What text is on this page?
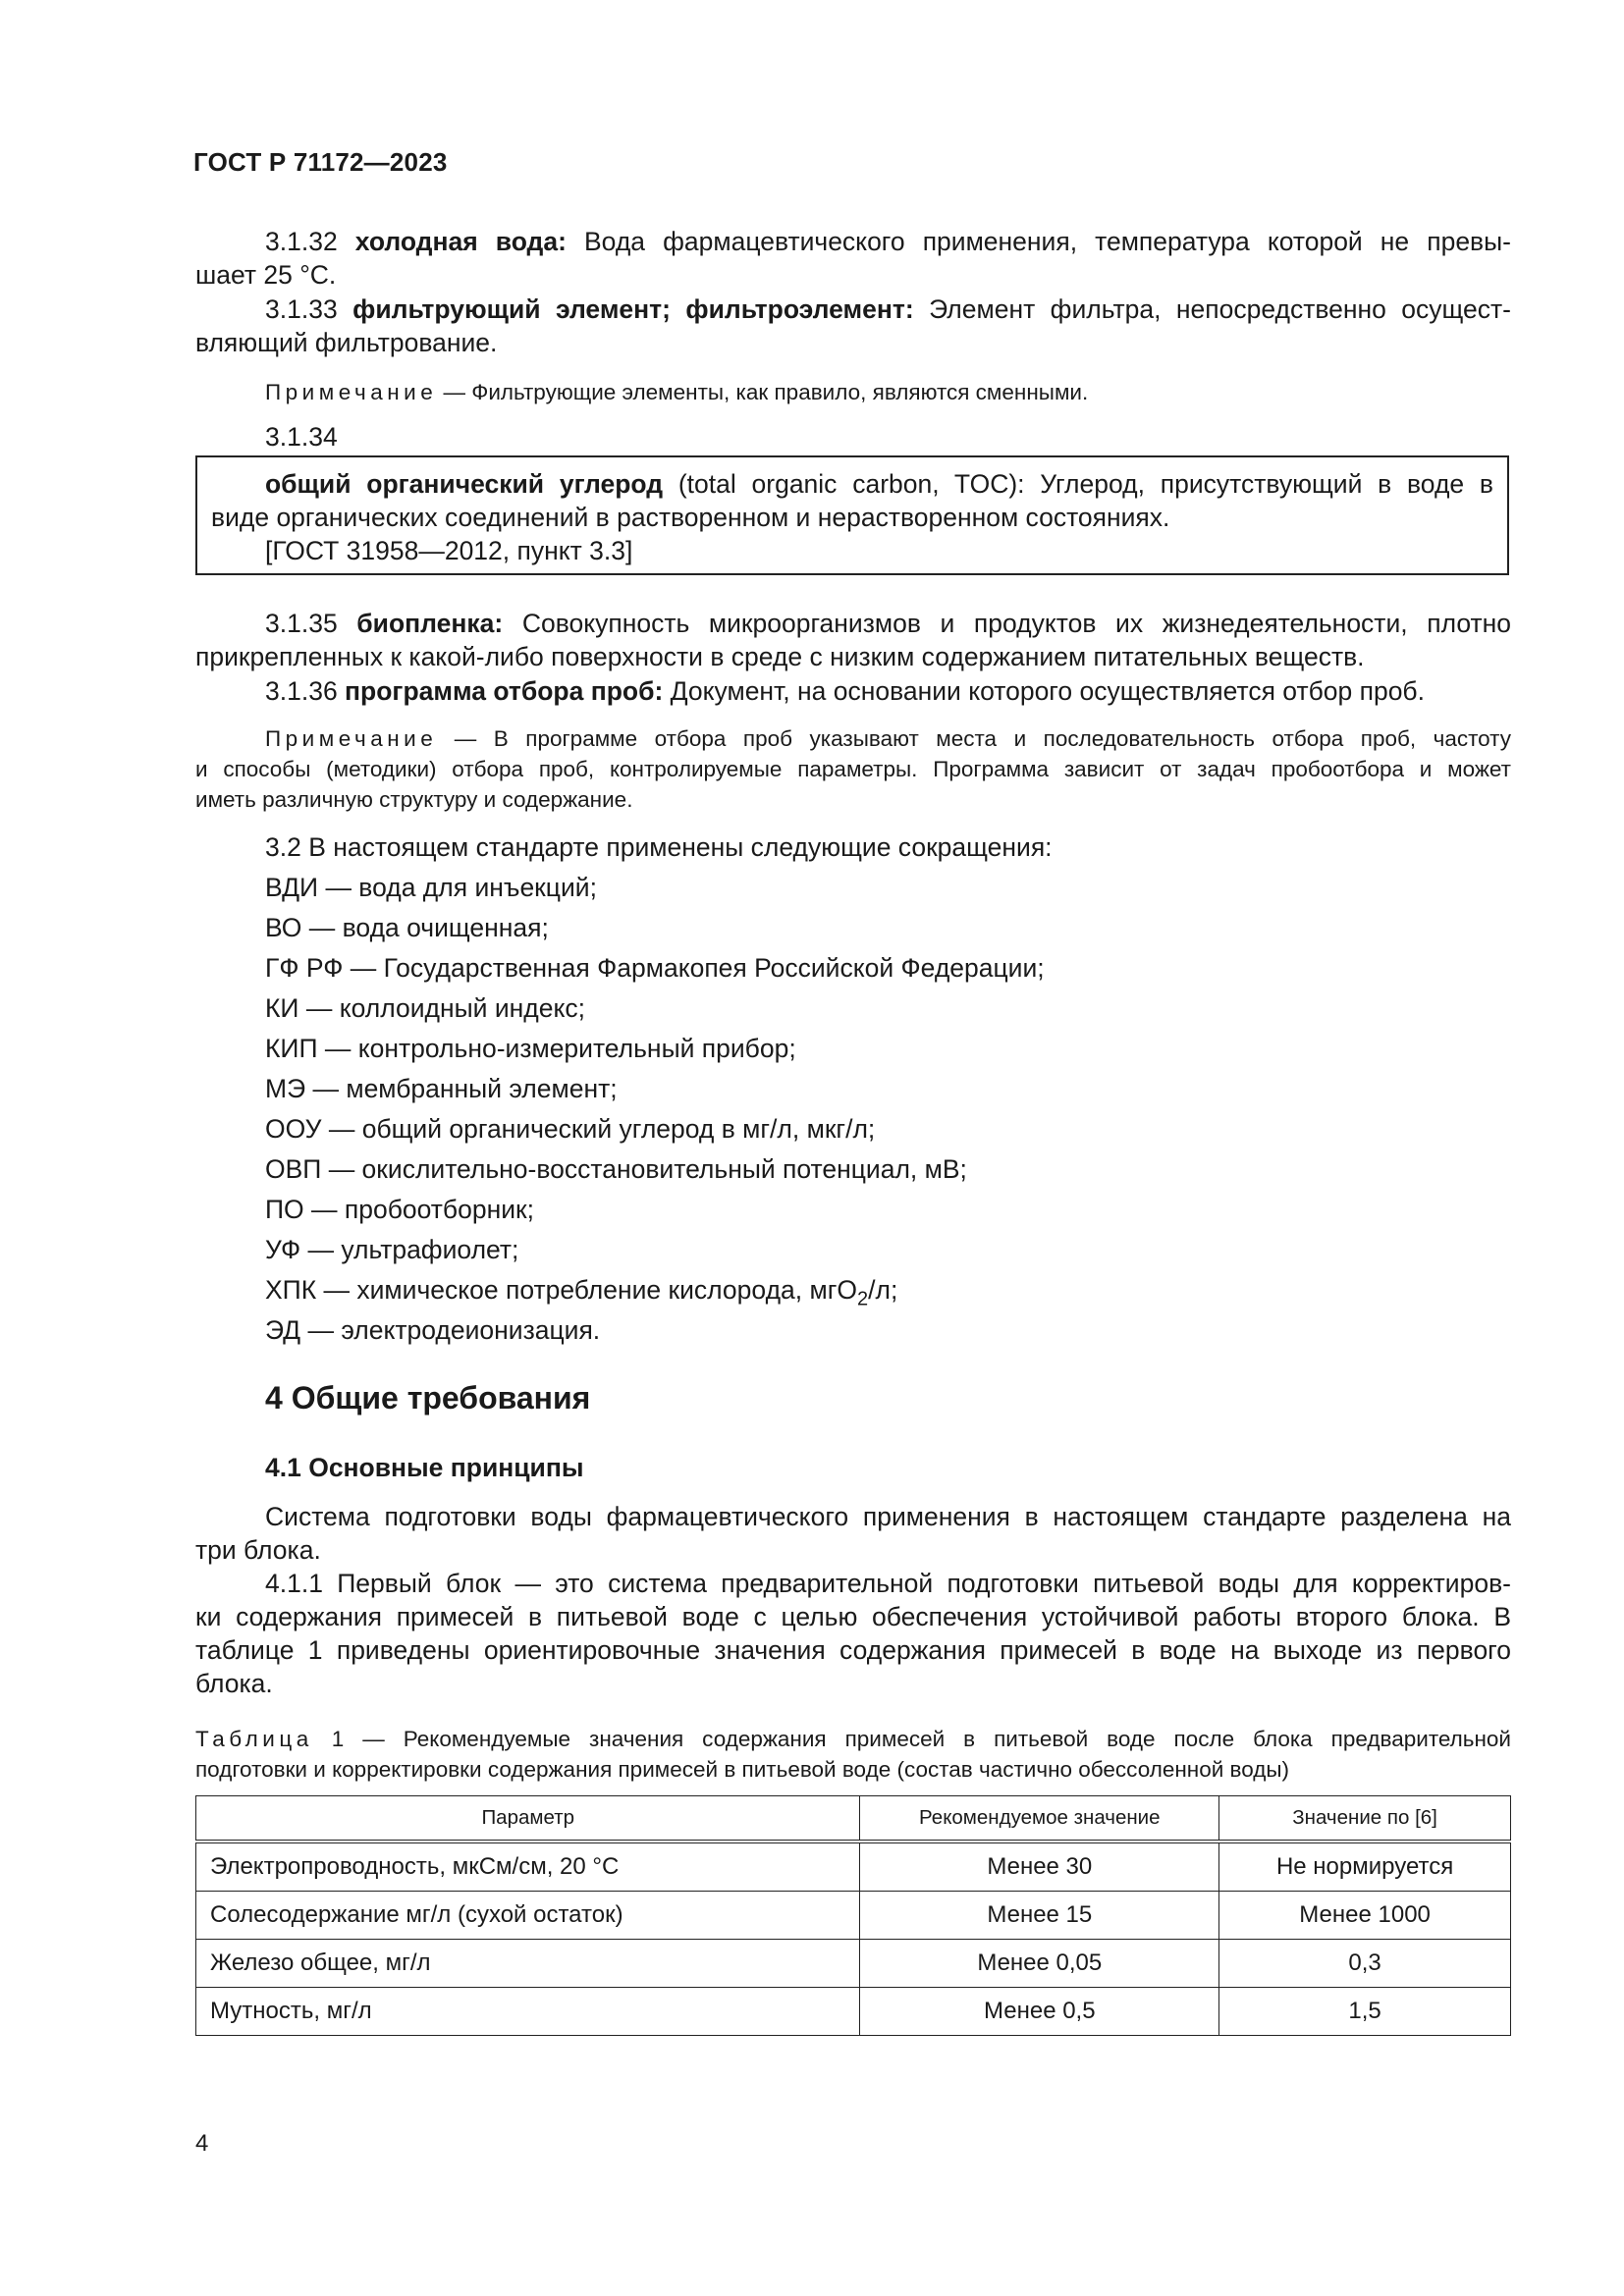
ГОСТ Р 71172—2023
3.1.32 холодная вода: Вода фармацевтического применения, температура которой не превы-
шает 25 °С.
3.1.33 фильтрующий элемент; фильтроэлемент: Элемент фильтра, непосредственно осущест-
вляющий фильтрование.
Примечание — Фильтрующие элементы, как правило, являются сменными.
3.1.34
общий органический углерод (total organic carbon, TOC): Углерод, присутствующий в воде в
виде органических соединений в растворенном и нерастворенном состояниях.
[ГОСТ 31958—2012, пункт 3.3]
3.1.35 биопленка: Совокупность микроорганизмов и продуктов их жизнедеятельности, плотно
прикрепленных к какой-либо поверхности в среде с низким содержанием питательных веществ.
3.1.36 программа отбора проб: Документ, на основании которого осуществляется отбор проб.
Примечание — В программе отбора проб указывают места и последовательность отбора проб, частоту
и способы (методики) отбора проб, контролируемые параметры. Программа зависит от задач пробоотбора и может
иметь различную структуру и содержание.
3.2 В настоящем стандарте применены следующие сокращения:
ВДИ — вода для инъекций;
ВО — вода очищенная;
ГФ РФ — Государственная Фармакопея Российской Федерации;
КИ — коллоидный индекс;
КИП — контрольно-измерительный прибор;
МЭ — мембранный элемент;
ООУ — общий органический углерод в мг/л, мкг/л;
ОВП — окислительно-восстановительный потенциал, мВ;
ПО — пробоотборник;
УФ — ультрафиолет;
ХПК — химическое потребление кислорода, мгО$_2$/л;
ЭД — электродеионизация.
4 Общие требования
4.1 Основные принципы
Система подготовки воды фармацевтического применения в настоящем стандарте разделена на
три блока.
4.1.1 Первый блок — это система предварительной подготовки питьевой воды для корректиров-
ки содержания примесей в питьевой воде с целью обеспечения устойчивой работы второго блока. В
таблице 1 приведены ориентировочные значения содержания примесей в воде на выходе из первого
блока.
Таблица 1 — Рекомендуемые значения содержания примесей в питьевой воде после блока предварительной
подготовки и корректировки содержания примесей в питьевой воде (состав частично обессоленной воды)
Параметр	Рекомендуемое значение	Значение по [6]
Электропроводность, мкСм/см, 20 °С	Менее 30	Не нормируется
Солесодержание мг/л (сухой остаток)	Менее 15	Менее 1000
Железо общее, мг/л	Менее 0,05	0,3
Мутность, мг/л	Менее 0,5	1,5
4
